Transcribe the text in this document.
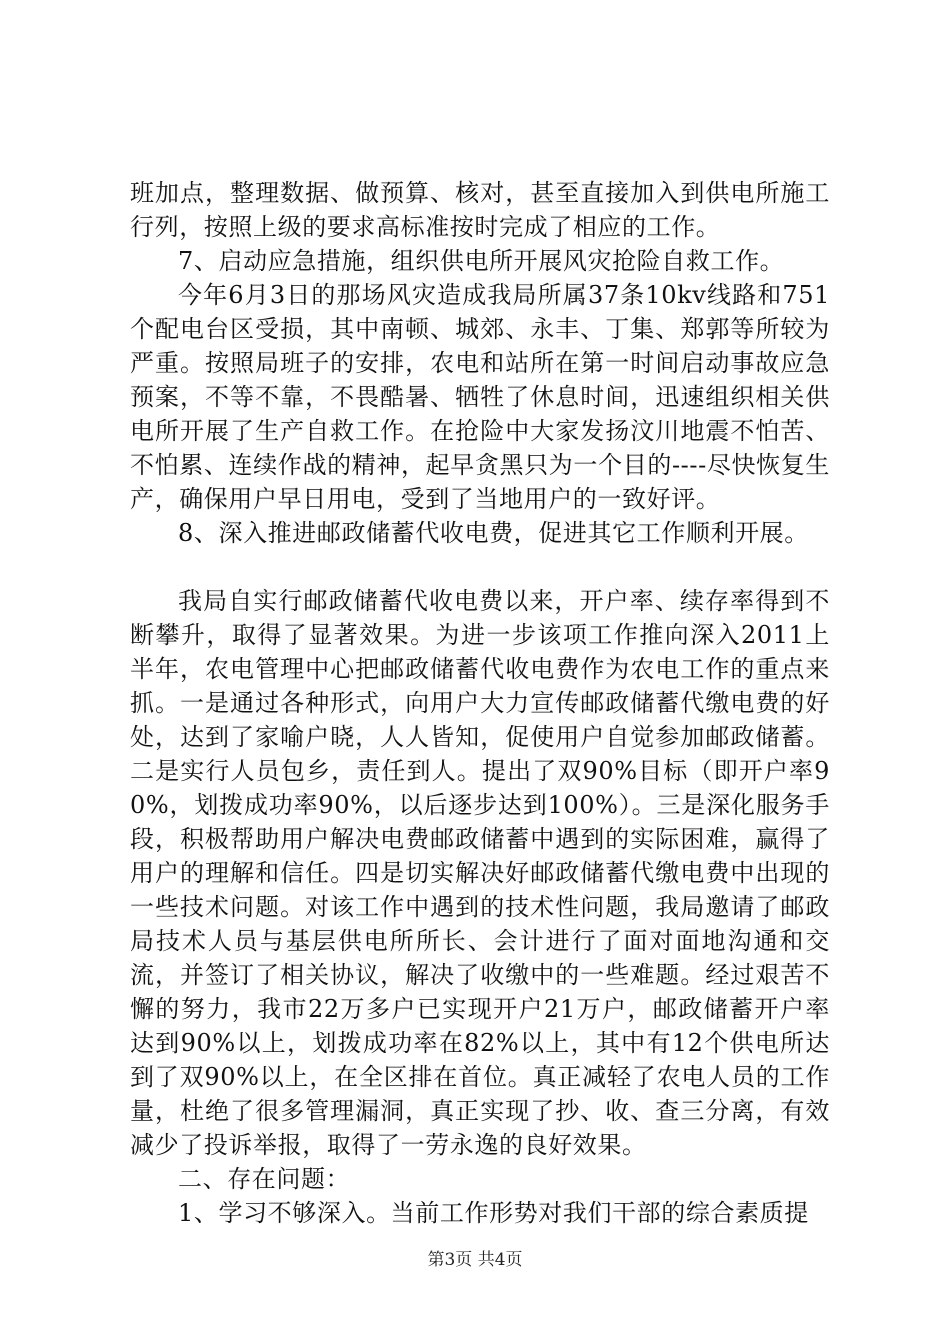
班加点，整理数据、做预算、核对，甚至直接加入到供电所施工行列，按照上级的要求高标准按时完成了相应的工作。

7、启动应急措施，组织供电所开展风灾抢险自救工作。

今年6月3日的那场风灾造成我局所属37条10kv线路和751个配电台区受损，其中南顿、城郊、永丰、丁集、郑郭等所较为严重。按照局班子的安排，农电和站所在第一时间启动事故应急预案，不等不靠，不畏酷暑、牺牲了休息时间，迅速组织相关供电所开展了生产自救工作。在抢险中大家发扬汶川地震不怕苦、不怕累、连续作战的精神，起早贪黑只为一个目的----尽快恢复生产，确保用户早日用电，受到了当地用户的一致好评。

8、深入推进邮政储蓄代收电费，促进其它工作顺利开展。

我局自实行邮政储蓄代收电费以来，开户率、续存率得到不断攀升，取得了显著效果。为进一步该项工作推向深入2011上半年，农电管理中心把邮政储蓄代收电费作为农电工作的重点来抓。一是通过各种形式，向用户大力宣传邮政储蓄代缴电费的好处，达到了家喻户晓，人人皆知，促使用户自觉参加邮政储蓄。二是实行人员包乡，责任到人。提出了双90%目标（即开户率90%，划拨成功率90%，以后逐步达到100%）。三是深化服务手段，积极帮助用户解决电费邮政储蓄中遇到的实际困难，赢得了用户的理解和信任。四是切实解决好邮政储蓄代缴电费中出现的一些技术问题。对该工作中遇到的技术性问题，我局邀请了邮政局技术人员与基层供电所所长、会计进行了面对面地沟通和交流，并签订了相关协议，解决了收缴中的一些难题。经过艰苦不懈的努力，我市22万多户已实现开户21万户，邮政储蓄开户率达到90%以上，划拨成功率在82%以上，其中有12个供电所达到了双90%以上，在全区排在首位。真正减轻了农电人员的工作量，杜绝了很多管理漏洞，真正实现了抄、收、查三分离，有效减少了投诉举报，取得了一劳永逸的良好效果。

二、存在问题：

1、学习不够深入。当前工作形势对我们干部的综合素质提

第3页 共4页
